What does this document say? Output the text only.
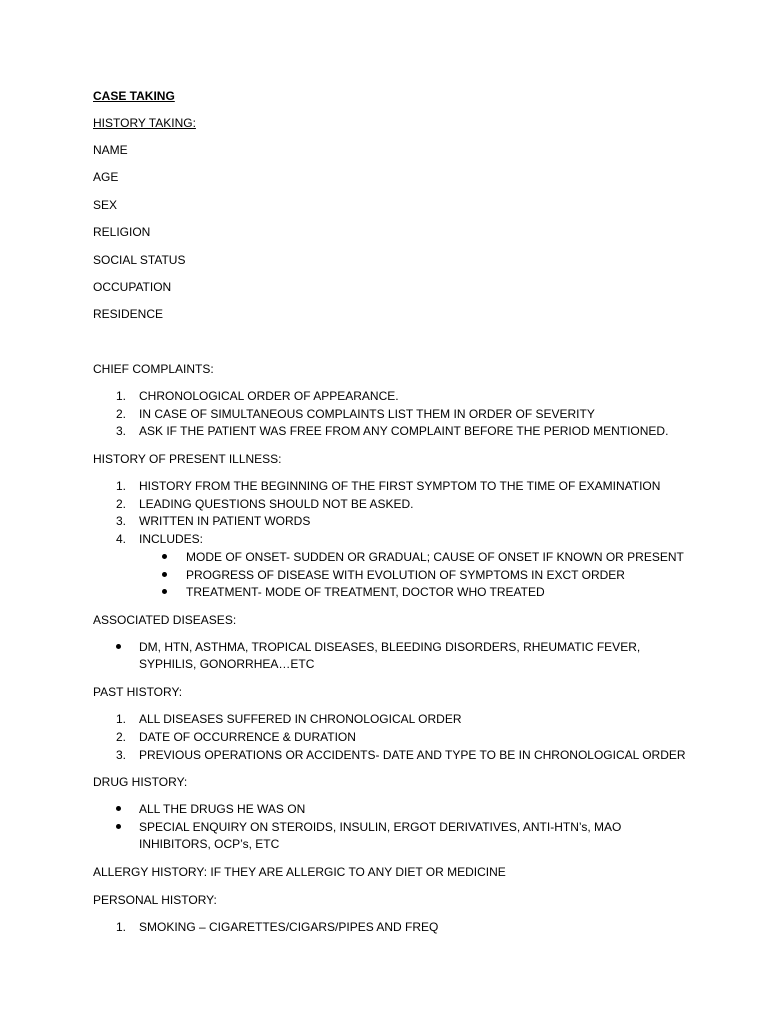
CASE TAKING
HISTORY TAKING:
NAME
AGE
SEX
RELIGION
SOCIAL STATUS
OCCUPATION
RESIDENCE
CHIEF COMPLAINTS:
1. CHRONOLOGICAL ORDER OF APPEARANCE.
2. IN CASE OF SIMULTANEOUS COMPLAINTS LIST THEM IN ORDER OF SEVERITY
3. ASK IF THE PATIENT WAS FREE FROM ANY COMPLAINT BEFORE THE PERIOD MENTIONED.
HISTORY OF PRESENT ILLNESS:
1. HISTORY FROM THE BEGINNING OF THE FIRST SYMPTOM TO THE TIME OF EXAMINATION
2. LEADING QUESTIONS SHOULD NOT BE ASKED.
3. WRITTEN IN PATIENT WORDS
4. INCLUDES:
MODE OF ONSET- SUDDEN OR GRADUAL; CAUSE OF ONSET IF KNOWN OR PRESENT
PROGRESS OF DISEASE WITH EVOLUTION OF SYMPTOMS IN EXCT ORDER
TREATMENT- MODE OF TREATMENT, DOCTOR WHO TREATED
ASSOCIATED DISEASES:
DM, HTN, ASTHMA, TROPICAL DISEASES, BLEEDING DISORDERS, RHEUMATIC FEVER,
SYPHILIS, GONORRHEA…ETC
PAST HISTORY:
1. ALL DISEASES SUFFERED IN CHRONOLOGICAL ORDER
2. DATE OF OCCURRENCE & DURATION
3. PREVIOUS OPERATIONS OR ACCIDENTS- DATE AND TYPE TO BE IN CHRONOLOGICAL ORDER
DRUG HISTORY:
ALL THE DRUGS HE WAS ON
SPECIAL ENQUIRY ON STEROIDS, INSULIN, ERGOT DERIVATIVES, ANTI-HTN’s, MAO
INHIBITORS, OCP’s, ETC
ALLERGY HISTORY: IF THEY ARE ALLERGIC TO ANY DIET OR MEDICINE
PERSONAL HISTORY:
1. SMOKING – CIGARETTES/CIGARS/PIPES AND FREQ
